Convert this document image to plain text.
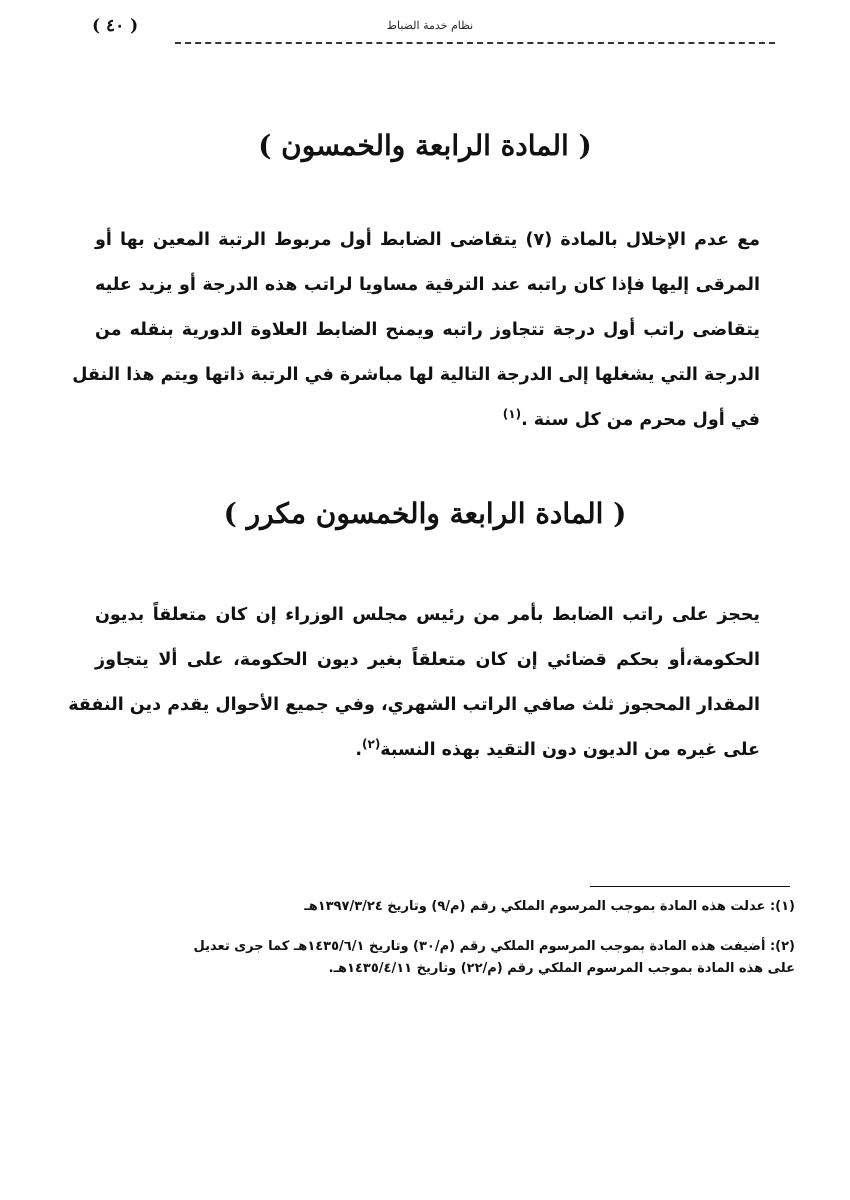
( ٤٠ )	نظام خدمة الضباط
( المادة الرابعة والخمسون )
مع عدم الإخلال بالمادة (٧) يتقاضى الضابط أول مربوط الرتبة المعين بها أو
المرقى إليها فإذا كان راتبه عند الترقية مساويا لراتب هذه الدرجة أو يزيد عليه
يتقاضى راتب أول درجة تتجاوز راتبه ويمنح الضابط العلاوة الدورية بنقله من
الدرجة التي يشغلها إلى الدرجة التالية لها مباشرة في الرتبة ذاتها ويتم هذا النقل
في أول محرم من كل سنة .$^{(١)}$
( المادة الرابعة والخمسون مكرر )
يحجز على راتب الضابط بأمر من رئيس مجلس الوزراء إن كان متعلقاً بديون
الحكومة،أو بحكم قضائي إن كان متعلقاً بغير ديون الحكومة، على ألا يتجاوز
المقدار المحجوز ثلث صافي الراتب الشهري، وفي جميع الأحوال يقدم دين النفقة
على غيره من الديون دون التقيد بهذه النسبة$^{(٢)}$.
(١): عدلت هذه المادة بموجب المرسوم الملكي رقم (م/٩) وتاريخ ١٣٩٧/٣/٢٤هـ
(٢): أضيفت هذه المادة بموجب المرسوم الملكي رقم (م/٣٠) وتاريخ ١٤٣٥/٦/١هـ كما جرى تعديل
على هذه المادة بموجب المرسوم الملكي رقم (م/٢٢) وتاريخ ١٤٣٥/٤/١١هـ.
